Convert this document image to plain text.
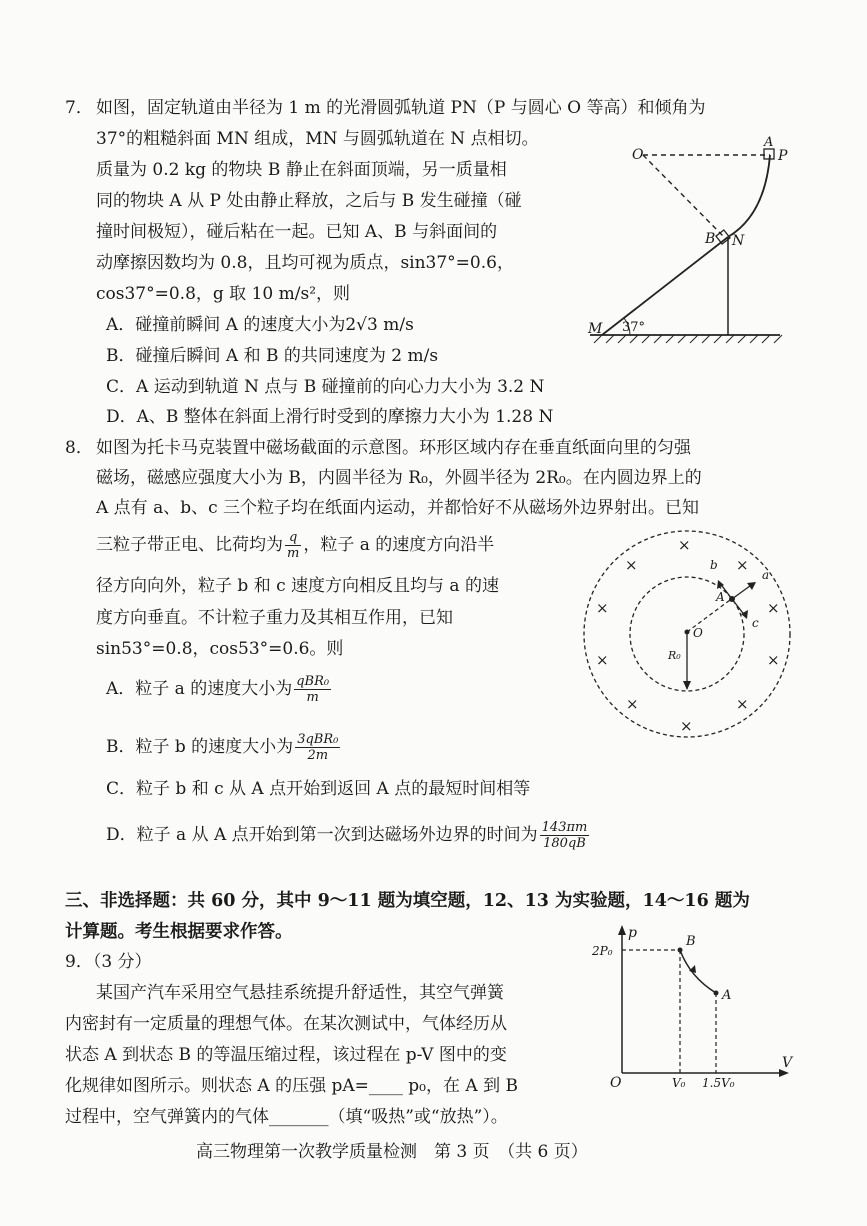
7． 如图，固定轨道由半径为 1 m 的光滑圆弧轨道 PN（P 与圆心 O 等高）和倾角为
37°的粗糙斜面 MN 组成，MN 与圆弧轨道在 N 点相切。
质量为 0.2 kg 的物块 B 静止在斜面顶端，另一质量相
同的物块 A 从 P 处由静止释放，之后与 B 发生碰撞（碰
撞时间极短），碰后粘在一起。已知 A、B 与斜面间的
动摩擦因数均为 0.8，且均可视为质点，sin37°=0.6，
cos37°=0.8，g 取 10 m/s²，则
A．碰撞前瞬间 A 的速度大小为2√3 m/s
B．碰撞后瞬间 A 和 B 的共同速度为 2 m/s
C．A 运动到轨道 N 点与 B 碰撞前的向心力大小为 3.2 N
D．A、B 整体在斜面上滑行时受到的摩擦力大小为 1.28 N
O
A
P
B N
M 37°
8． 如图为托卡马克装置中磁场截面的示意图。环形区域内存在垂直纸面向里的匀强
磁场，磁感应强度大小为 B，内圆半径为 R₀，外圆半径为 2R₀。在内圆边界上的
A 点有 a、b、c 三个粒子均在纸面内运动，并都恰好不从磁场外边界射出。已知
三粒子带正电、比荷均为 $\frac{q}{m}$ ，粒子 a 的速度方向沿半
径方向向外，粒子 b 和 c 速度方向相反且均与 a 的速
度方向垂直。不计粒子重力及其相互作用，已知
sin53°=0.8，cos53°=0.6。则
A．粒子 a 的速度大小为 $\frac{\text{qBR₀}}{m}$
B．粒子 b 的速度大小为 $\frac{\text{3qBR₀}}{2m}$
C．粒子 b 和 c 从 A 点开始到返回 A 点的最短时间相等
D．粒子 a 从 A 点开始到第一次到达磁场外边界的时间为 $\frac{143\pi m}{180qB}$
×
×	×
×	×
×	×
×	×
×
b
a
A
c
O
R₀
三、非选择题：共 60 分，其中 9～11 题为填空题，12、13 为实验题，14～16 题为
计算题。考生根据要求作答。
9．（3 分）
某国产汽车采用空气悬挂系统提升舒适性，其空气弹簧
内密封有一定质量的理想气体。在某次测试中，气体经历从
状态 A 到状态 B 的等温压缩过程，该过程在 p-V 图中的变
化规律如图所示。则状态 A 的压强 pA=____ p₀，在 A 到 B
过程中，空气弹簧内的气体_______（填“吸热”或“放热”）。
p
V
O
2P₀
B
A
V₀ 1.5V₀
高三物理第一次教学质量检测　第 3 页　（共 6 页）
